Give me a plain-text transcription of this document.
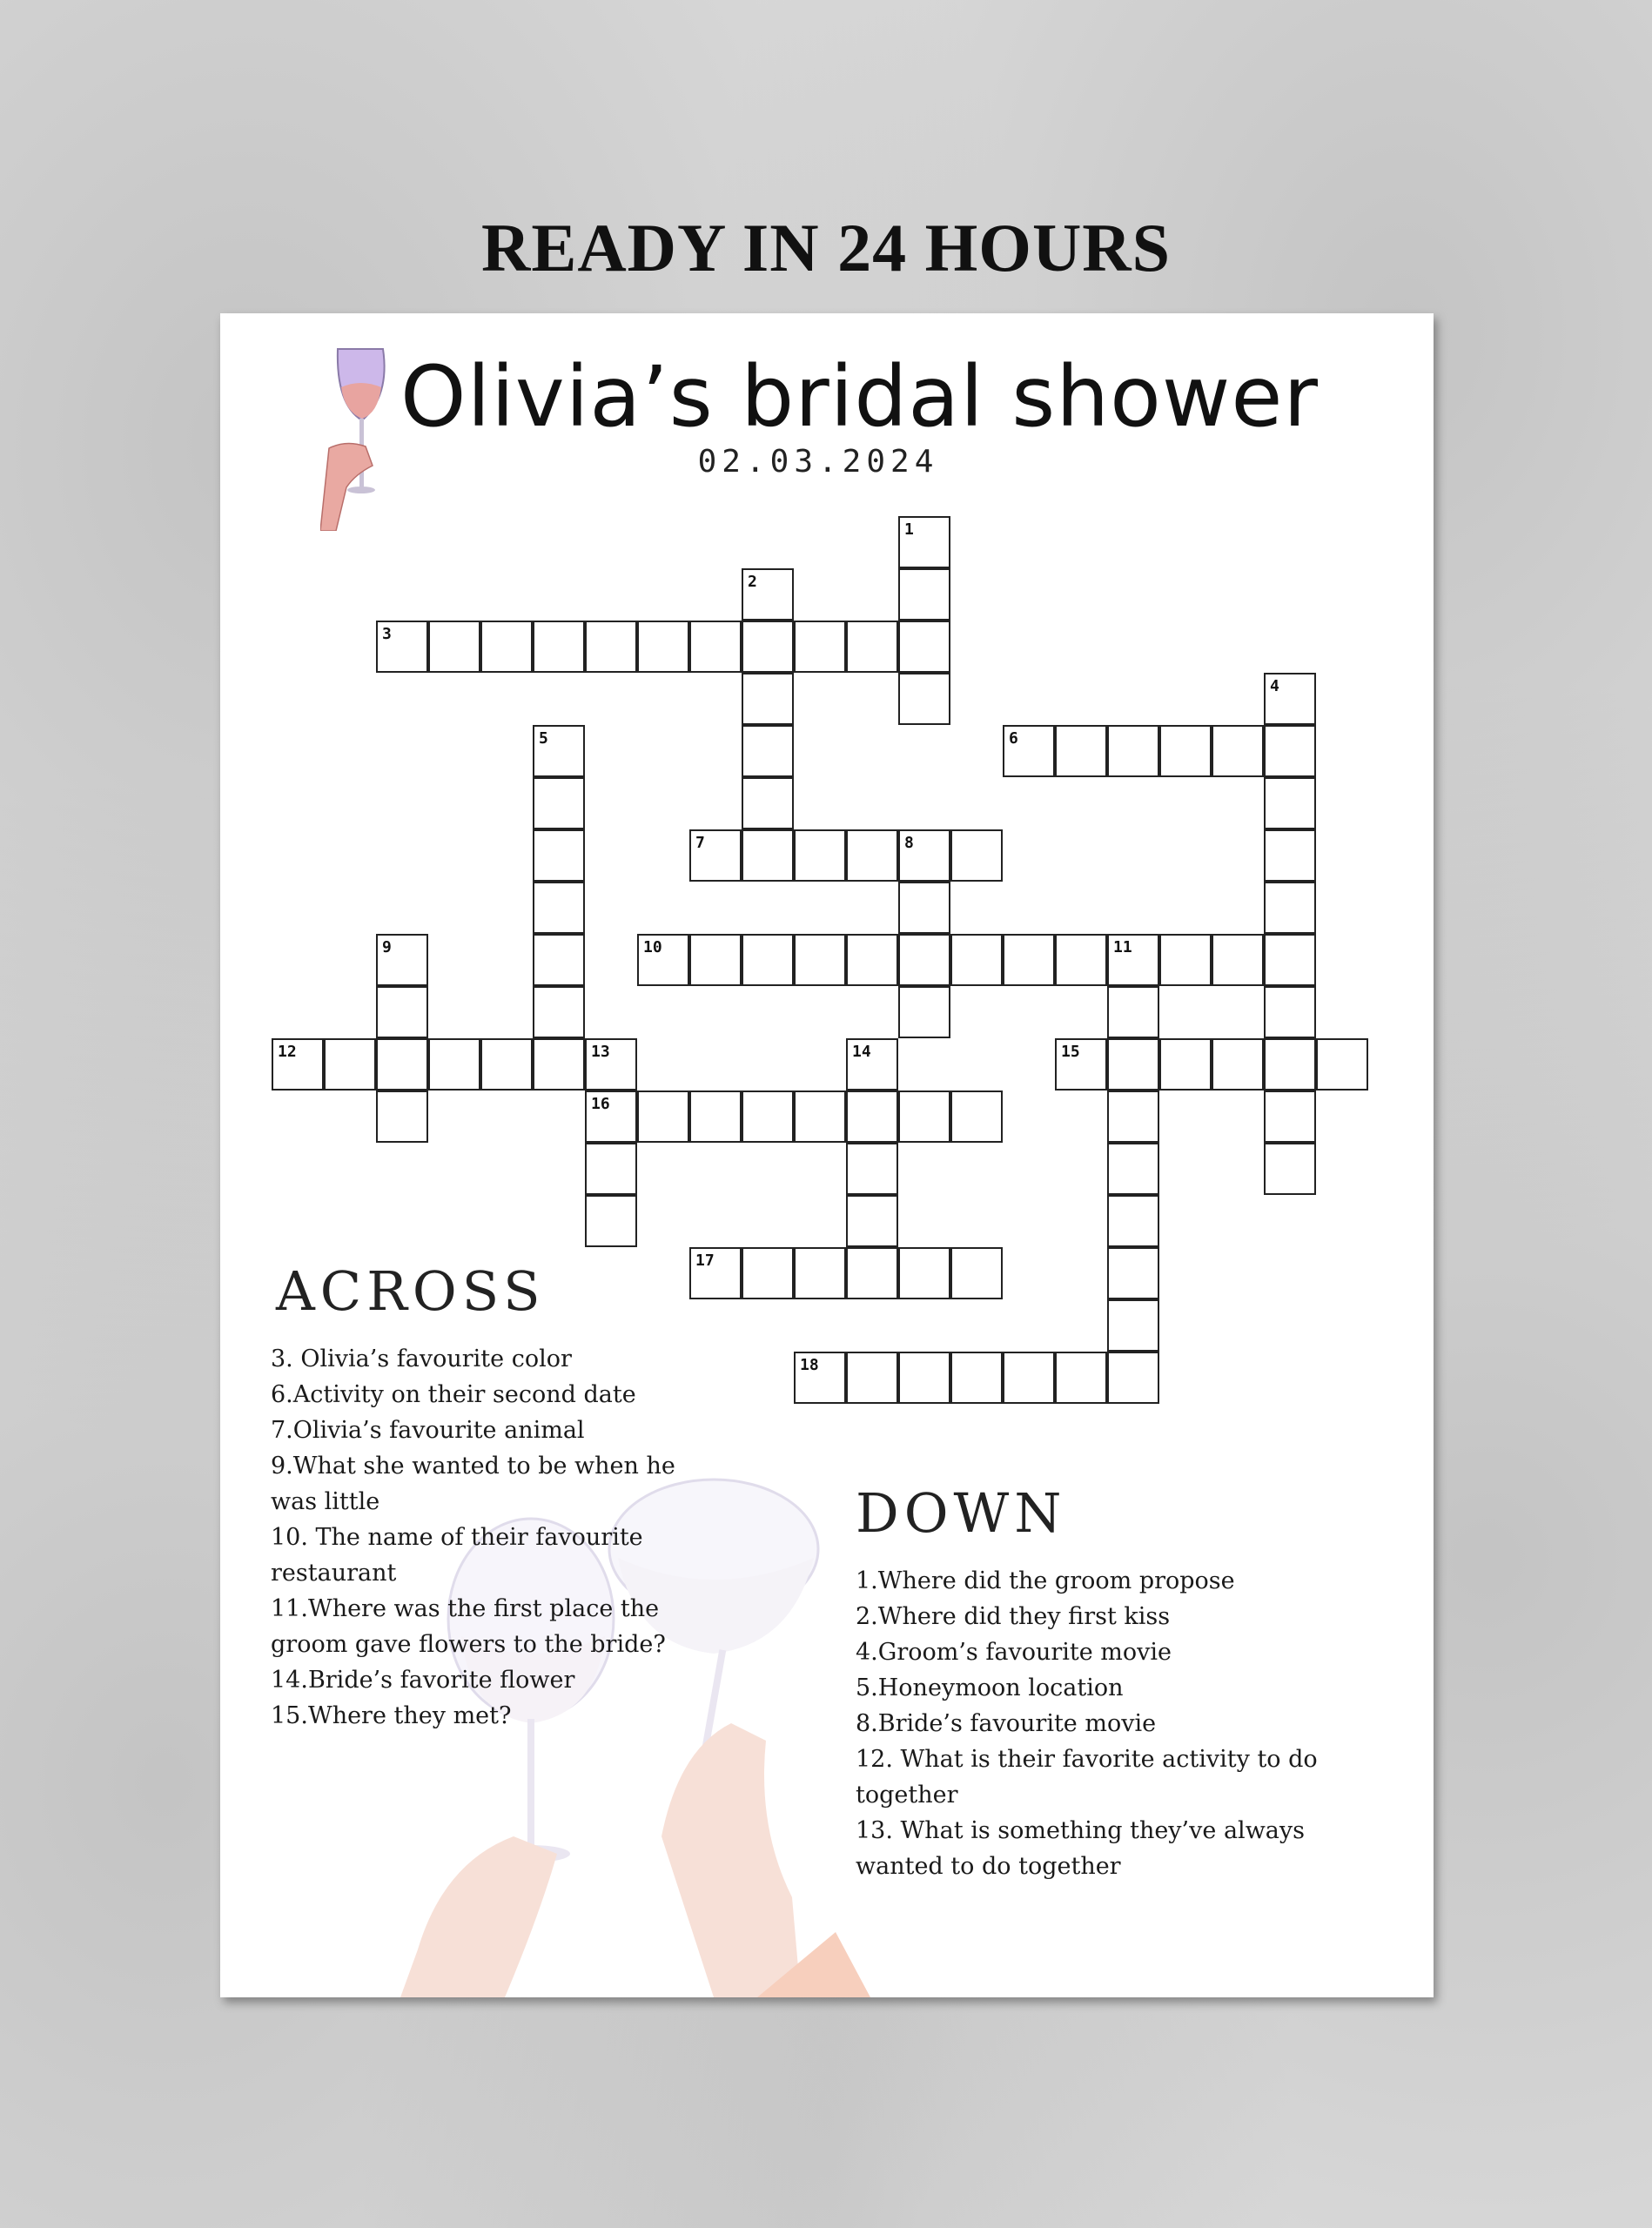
READY IN 24 HOURS
Olivia’s bridal shower
02.03.2024
1
2
3
4
5	6
7	8
9	10	11
12	13
16
14	15
17
18
ACROSS
3. Olivia’s favourite color
6.Activity on their second date
7.Olivia’s favourite animal
9.What she wanted to be when he was little
10. The name of their favourite restaurant
11.Where was the first place the groom gave flowers to the bride?
14.Bride’s favorite flower
15.Where they met?
DOWN
1.Where did the groom propose
2.Where did they first kiss
4.Groom’s favourite movie
5.Honeymoon location
8.Bride’s favourite movie
12. What is their favorite activity to do together
13. What is something they’ve always wanted to do together
